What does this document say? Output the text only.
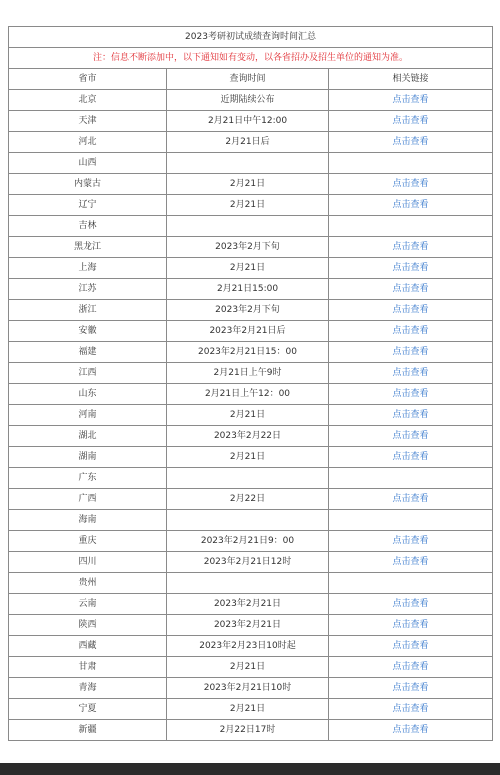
2023考研初试成绩查询时间汇总		
注：信息不断添加中，以下通知如有变动，以各省招办及招生单位的通知为准。		
省市	查询时间	相关链接
北京	近期陆续公布	点击查看
天津	2月21日中午12:00	点击查看
河北	2月21日后	点击查看
山西		
内蒙古	2月21日	点击查看
辽宁	2月21日	点击查看
吉林		
黑龙江	2023年2月下旬	点击查看
上海	2月21日	点击查看
江苏	2月21日15:00	点击查看
浙江	2023年2月下旬	点击查看
安徽	2023年2月21日后	点击查看
福建	2023年2月21日15：00	点击查看
江西	2月21日上午9时	点击查看
山东	2月21日上午12：00	点击查看
河南	2月21日	点击查看
湖北	2023年2月22日	点击查看
湖南	2月21日	点击查看
广东		
广西	2月22日	点击查看
海南		
重庆	2023年2月21日9：00	点击查看
四川	2023年2月21日12时	点击查看
贵州		
云南	2023年2月21日	点击查看
陕西	2023年2月21日	点击查看
西藏	2023年2月23日10时起	点击查看
甘肃	2月21日	点击查看
青海	2023年2月21日10时	点击查看
宁夏	2月21日	点击查看
新疆	2月22日17时	点击查看
